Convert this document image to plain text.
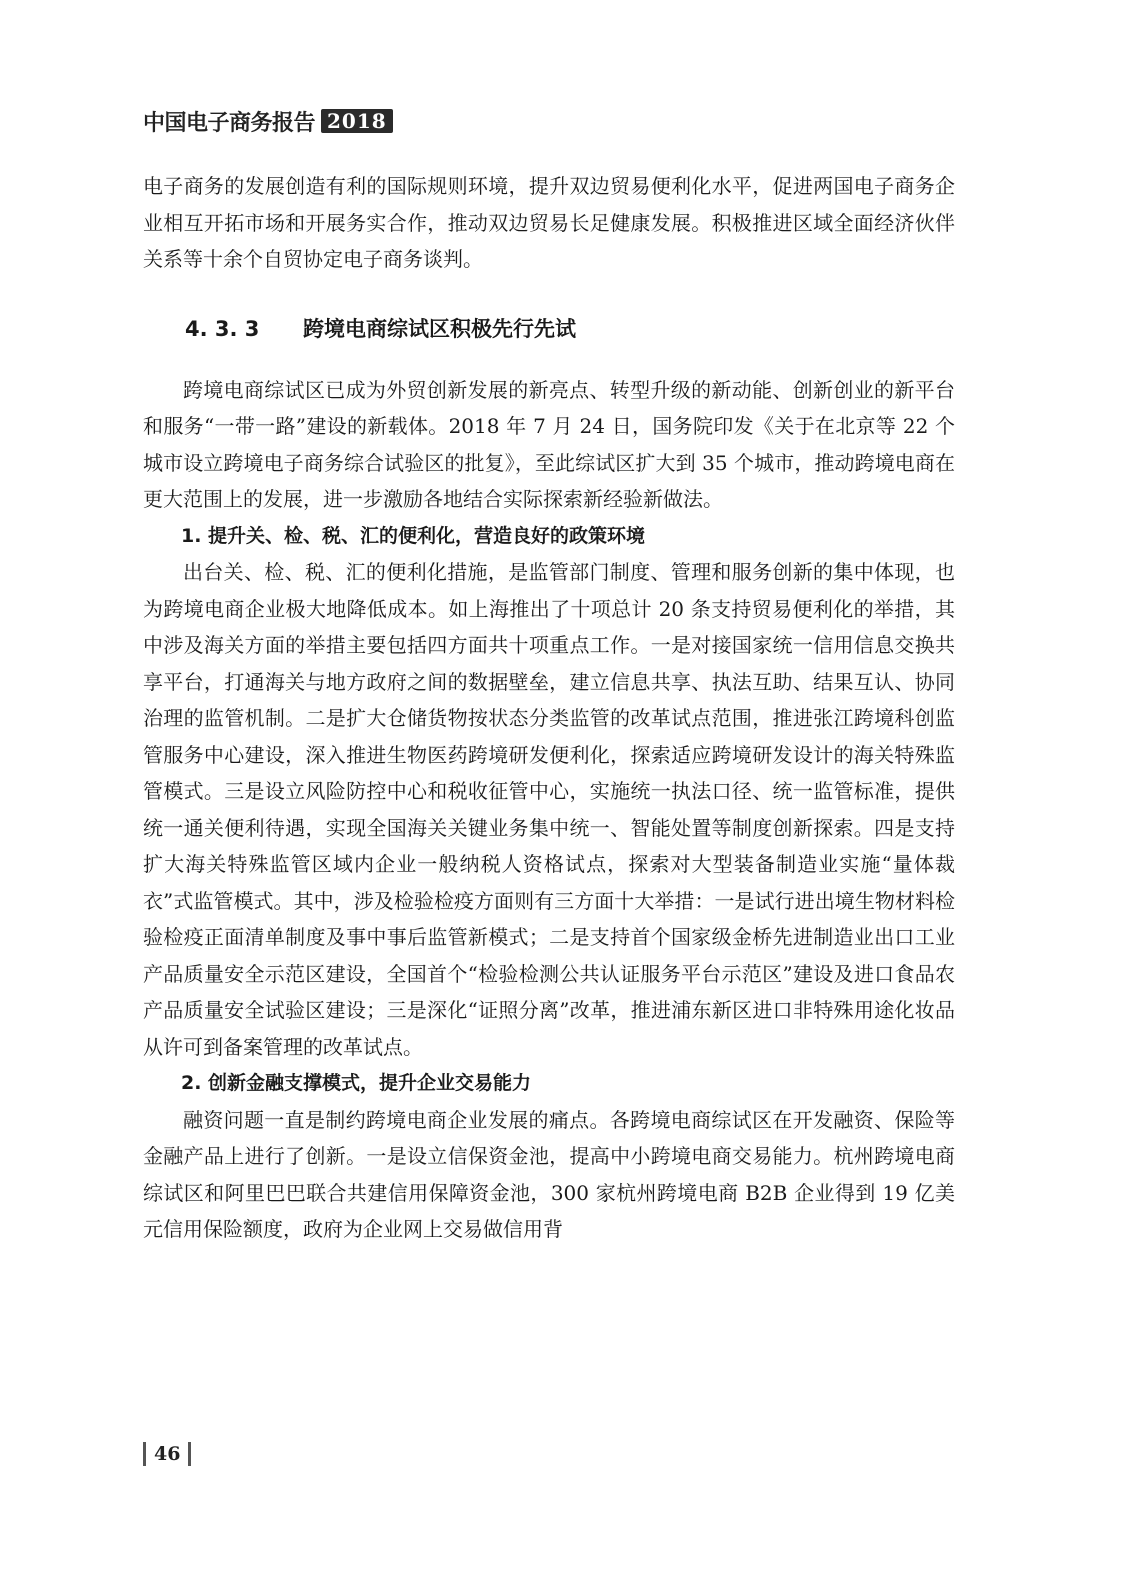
中国电子商务报告 2018

电子商务的发展创造有利的国际规则环境，提升双边贸易便利化水平，促进两国电子商务企业相互开拓市场和开展务实合作，推动双边贸易长足健康发展。积极推进区域全面经济伙伴关系等十余个自贸协定电子商务谈判。

4. 3. 3 跨境电商综试区积极先行先试

跨境电商综试区已成为外贸创新发展的新亮点、转型升级的新动能、创新创业的新平台和服务“一带一路”建设的新载体。2018 年 7 月 24 日，国务院印发《关于在北京等 22 个城市设立跨境电子商务综合试验区的批复》，至此综试区扩大到 35 个城市，推动跨境电商在更大范围上的发展，进一步激励各地结合实际探索新经验新做法。

1. 提升关、检、税、汇的便利化，营造良好的政策环境

出台关、检、税、汇的便利化措施，是监管部门制度、管理和服务创新的集中体现，也为跨境电商企业极大地降低成本。如上海推出了十项总计 20 条支持贸易便利化的举措，其中涉及海关方面的举措主要包括四方面共十项重点工作。一是对接国家统一信用信息交换共享平台，打通海关与地方政府之间的数据壁垒，建立信息共享、执法互助、结果互认、协同治理的监管机制。二是扩大仓储货物按状态分类监管的改革试点范围，推进张江跨境科创监管服务中心建设，深入推进生物医药跨境研发便利化，探索适应跨境研发设计的海关特殊监管模式。三是设立风险防控中心和税收征管中心，实施统一执法口径、统一监管标准，提供统一通关便利待遇，实现全国海关关键业务集中统一、智能处置等制度创新探索。四是支持扩大海关特殊监管区域内企业一般纳税人资格试点，探索对大型装备制造业实施“量体裁衣”式监管模式。其中，涉及检验检疫方面则有三方面十大举措：一是试行进出境生物材料检验检疫正面清单制度及事中事后监管新模式；二是支持首个国家级金桥先进制造业出口工业产品质量安全示范区建设，全国首个“检验检测公共认证服务平台示范区”建设及进口食品农产品质量安全试验区建设；三是深化“证照分离”改革，推进浦东新区进口非特殊用途化妆品从许可到备案管理的改革试点。

2. 创新金融支撑模式，提升企业交易能力

融资问题一直是制约跨境电商企业发展的痛点。各跨境电商综试区在开发融资、保险等金融产品上进行了创新。一是设立信保资金池，提高中小跨境电商交易能力。杭州跨境电商综试区和阿里巴巴联合共建信用保障资金池，300 家杭州跨境电商 B2B 企业得到 19 亿美元信用保险额度，政府为企业网上交易做信用背

46
